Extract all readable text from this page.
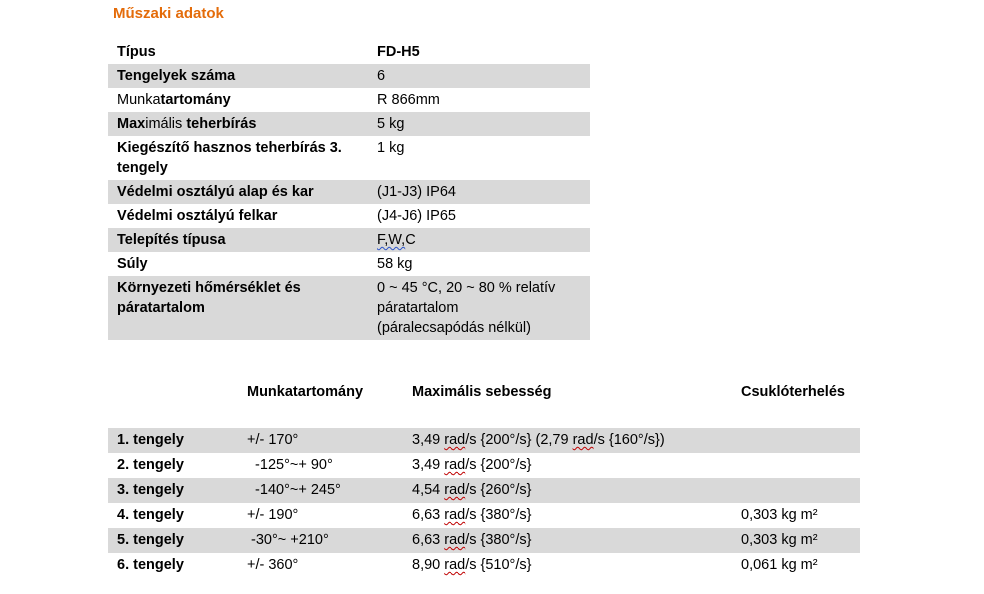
Műszaki adatok
Típus	FD-H5
Tengelyek száma	6
Munkatartomány	R 866mm
Maximális teherbírás	5 kg
Kiegészítő hasznos teherbírás 3. tengely	1 kg
Védelmi osztályú alap és kar	(J1-J3) IP64
Védelmi osztályú felkar	(J4-J6) IP65
Telepítés típusa	F,W,C
Súly	58 kg
Környezeti hőmérséklet és páratartalom	0 ~ 45 °C, 20 ~ 80 % relatív
páratartalom
(páralecsapódás nélkül)
	Munkatartomány	Maximális sebesség	Csuklóterhelés
1. tengely	+/- 170°	3,49 rad/s {200°/s} (2,79 rad/s {160°/s})	
2. tengely	-125°~+ 90°	3,49 rad/s {200°/s}	
3. tengely	-140°~+ 245°	4,54 rad/s {260°/s}	
4. tengely	+/- 190°	6,63 rad/s {380°/s}	0,303 kg m²
5. tengely	-30°~ +210°	6,63 rad/s {380°/s}	0,303 kg m²
6. tengely	+/- 360°	8,90 rad/s {510°/s}	0,061 kg m²
